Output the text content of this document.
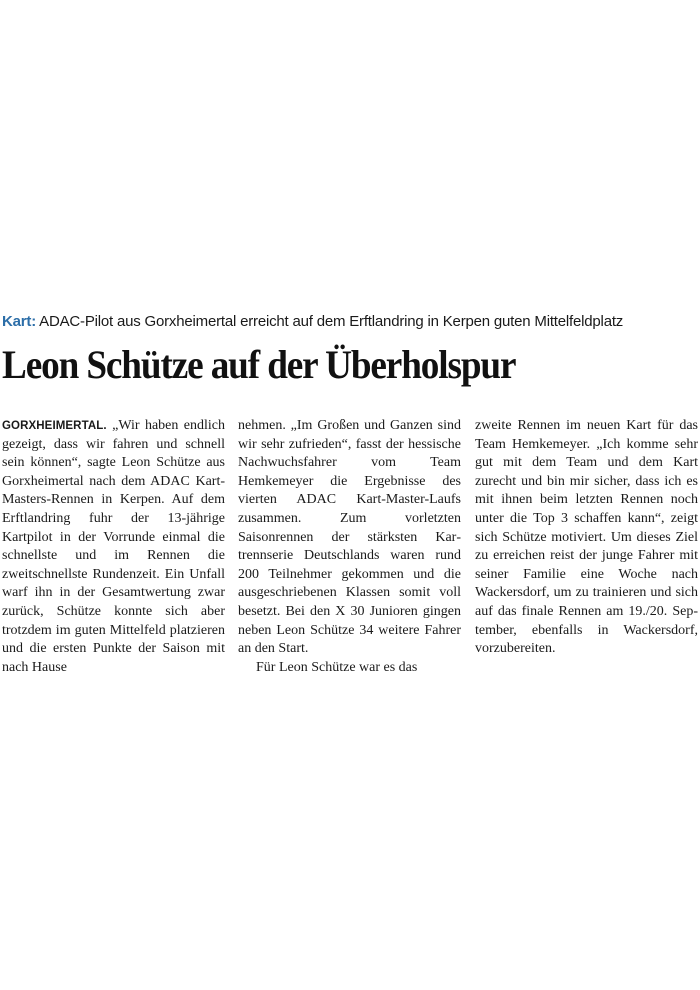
Kart: ADAC-Pilot aus Gorxheimertal erreicht auf dem Erftlandring in Kerpen guten Mittelfeldplatz
Leon Schütze auf der Überholspur

GORXHEIMERTAL. „Wir haben endlich gezeigt, dass wir fahren und schnell sein können“, sagte Leon Schütze aus Gorxheimertal nach dem ADAC Kart-Masters-Rennen in Kerpen. Auf dem Erftlandring fuhr der 13-jährige Kartpilot in der Vorrunde einmal die schnellste und im Rennen die zweitschnellste Rundenzeit. Ein Unfall warf ihn in der Gesamtwertung zwar zurück, Schütze konnte sich aber trotzdem im guten Mittelfeld platzieren und die ersten Punkte der Saison mit nach Hause

nehmen. „Im Großen und Ganzen sind wir sehr zufrieden“, fasst der hessische Nachwuchsfahrer vom Team Hemkemeyer die Ergebnisse des vierten ADAC Kart-Master-Laufs zusammen. Zum vorletzten Saisonrennen der stärksten Kartrennserie Deutschlands waren rund 200 Teilnehmer gekommen und die ausgeschriebenen Klassen somit voll besetzt. Bei den X 30 Junioren gingen neben Leon Schütze 34 weitere Fahrer an den Start.

Für Leon Schütze war es das

zweite Rennen im neuen Kart für das Team Hemkemeyer. „Ich komme sehr gut mit dem Team und dem Kart zurecht und bin mir sicher, dass ich es mit ihnen beim letzten Rennen noch unter die Top 3 schaffen kann“, zeigt sich Schütze motiviert. Um dieses Ziel zu erreichen reist der junge Fahrer mit seiner Familie eine Woche nach Wackersdorf, um zu trainieren und sich auf das finale Rennen am 19./20. September, ebenfalls in Wackersdorf, vorzubereiten.
